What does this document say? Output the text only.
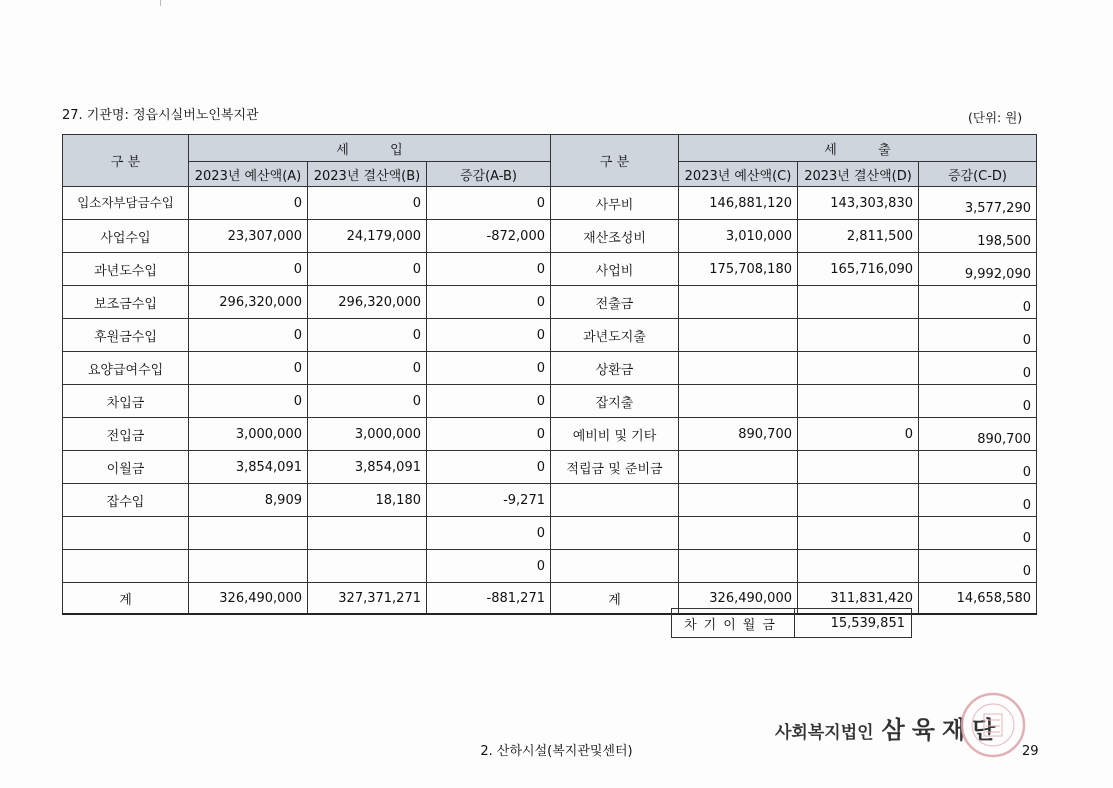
27. 기관명: 정읍시실버노인복지관	(단위: 원)
구 분	세          입			구 분	세          출		
	2023년 예산액(A)	2023년 결산액(B)	증감(A-B)		2023년 예산액(C)	2023년 결산액(D)	증감(C-D)
입소자부담금수입	0	0	0	사무비	146,881,120	143,303,830	3,577,290
사업수입	23,307,000	24,179,000	-872,000	재산조성비	3,010,000	2,811,500	198,500
과년도수입	0	0	0	사업비	175,708,180	165,716,090	9,992,090
보조금수입	296,320,000	296,320,000	0	전출금			0
후원금수입	0	0	0	과년도지출			0
요양급여수입	0	0	0	상환금			0
차입금	0	0	0	잡지출			0
전입금	3,000,000	3,000,000	0	예비비 및 기타	890,700	0	890,700
이월금	3,854,091	3,854,091	0	적립금 및 준비금			0
잡수입	8,909	18,180	-9,271				0
			0				0
			0				0
계	326,490,000	327,371,271	-881,271	계	326,490,000	311,831,420	14,658,580
차기이월금	15,539,851
사회복지법인 삼육재단
2. 산하시설(복지관및센터)	29
